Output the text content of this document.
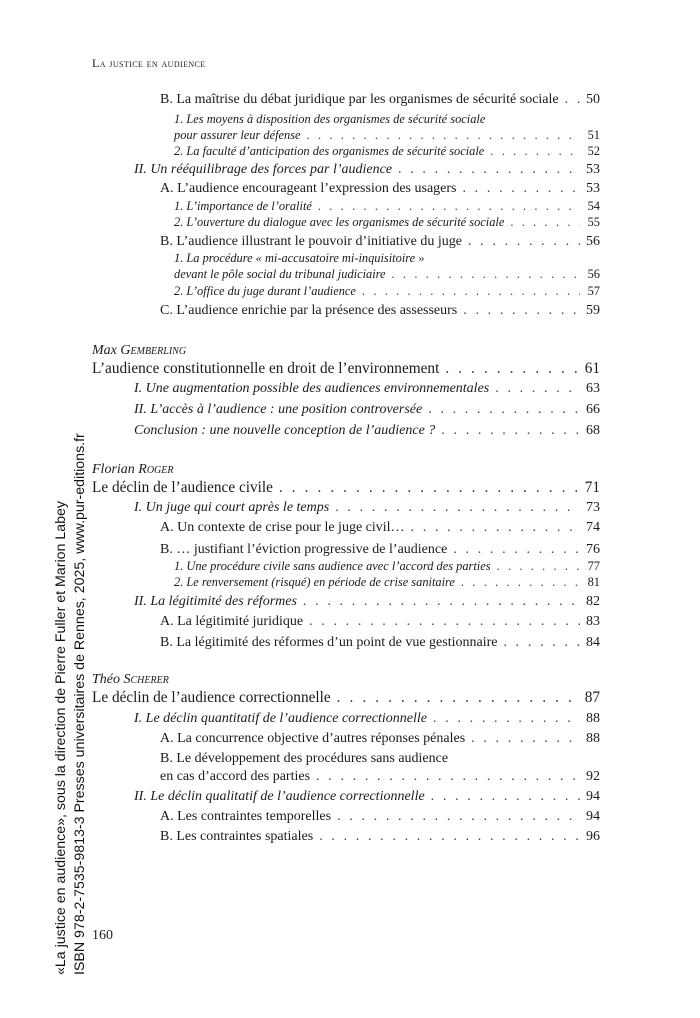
La justice en audience
B. La maîtrise du débat juridique par les organismes de sécurité sociale . . . 50
1. Les moyens à disposition des organismes de sécurité sociale
pour assurer leur défense . . .	51
2. La faculté d’anticipation des organismes de sécurité sociale . . .	52
II. Un rééquilibrage des forces par l’audience . . .	53
A. L’audience encourageant l’expression des usagers . . .	53
1. L’importance de l’oralité . . .	54
2. L’ouverture du dialogue avec les organismes de sécurité sociale . . .	55
B. L’audience illustrant le pouvoir d’initiative du juge . . .	56
1. La procédure « mi-accusatoire mi-inquisitoire »
devant le pôle social du tribunal judiciaire . . .	56
2. L’office du juge durant l’audience . . .	57
C. L’audience enrichie par la présence des assesseurs . . .	59
Max Gemberling
L’audience constitutionnelle en droit de l’environnement . . .	61
I. Une augmentation possible des audiences environnementales . . .	63
II. L’accès à l’audience : une position controversée . . .	66
Conclusion : une nouvelle conception de l’audience ? . . .	68
Florian Roger
Le déclin de l’audience civile . . .	71
I. Un juge qui court après le temps . . .	73
A. Un contexte de crise pour le juge civil… . . .	74
B. … justifiant l’éviction progressive de l’audience . . .	76
1. Une procédure civile sans audience avec l’accord des parties . . .	77
2. Le renversement (risqué) en période de crise sanitaire . . .	81
II. La légitimité des réformes . . .	82
A. La légitimité juridique . . .	83
B. La légitimité des réformes d’un point de vue gestionnaire . . .	84
Théo Scherer
Le déclin de l’audience correctionnelle . . .	87
I. Le déclin quantitatif de l’audience correctionnelle . . .	88
A. La concurrence objective d’autres réponses pénales . . .	88
B. Le développement des procédures sans audience
en cas d’accord des parties . . .	92
II. Le déclin qualitatif de l’audience correctionnelle . . .	94
A. Les contraintes temporelles . . .	94
B. Les contraintes spatiales . . .	96
160
«La justice en audience», sous la direction de Pierre Fuller et Marion Labey ISBN 978-2-7535-9813-3 Presses universitaires de Rennes, 2025, www.pur-editions.fr
